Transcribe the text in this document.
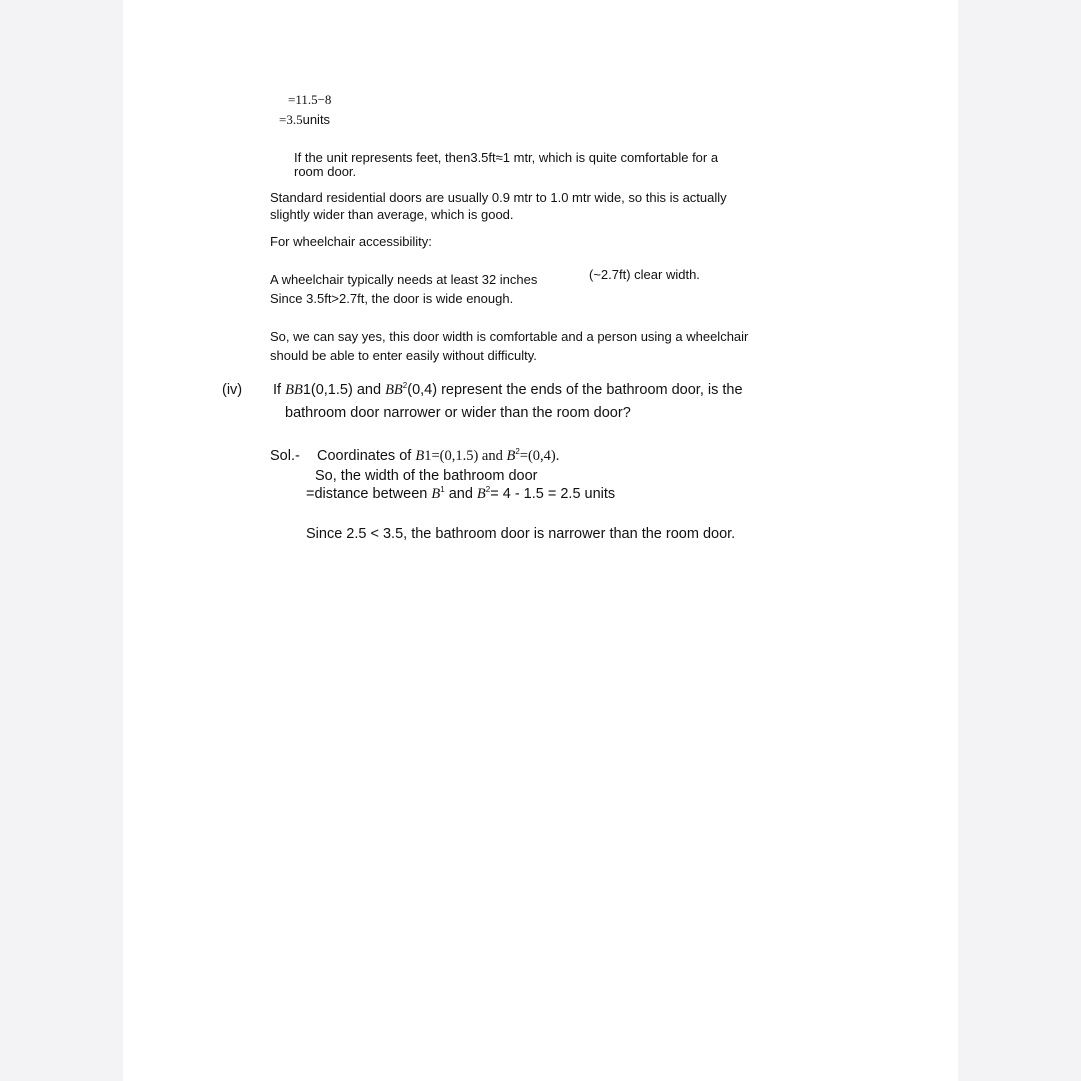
=11.5−8
=3.5units
If the unit represents feet, then3.5ft≈1 mtr, which is quite comfortable for a
room door.
Standard residential doors are usually 0.9 mtr to 1.0 mtr wide, so this is actually
slightly wider than average, which is good.
For wheelchair accessibility:
A wheelchair typically needs at least 32 inches	(~2.7ft) clear width.
Since 3.5ft>2.7ft, the door is wide enough.
So, we can say yes, this door width is comfortable and a person using a wheelchair
should be able to enter easily without difficulty.
(iv) If BB1(0,1.5) and $BB^2(0,4)$ represent the ends of the bathroom door, is the
bathroom door narrower or wider than the room door?
Sol.- Coordinates of B1=(0,1.5) and $B^2=(0,4)$.
So, the width of the bathroom door
=distance between $B^1$ and $B^2= 4 - 1.5 = 2.5$ units
Since 2.5 < 3.5, the bathroom door is narrower than the room door.
